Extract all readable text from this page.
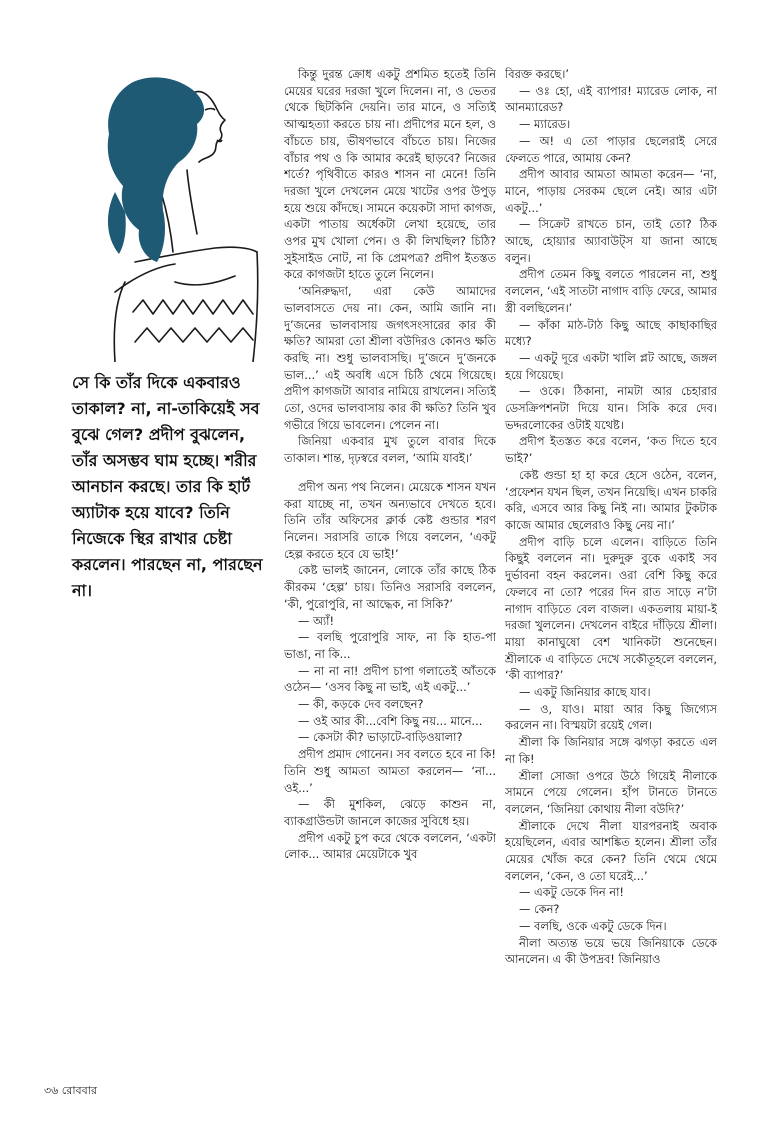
সে কি তাঁর দিকে একবারও তাকাল? না, না-তাকিয়েই সব বুঝে গেল? প্রদীপ বুঝলেন, তাঁর অসম্ভব ঘাম হচ্ছে। শরীর আনচান করছে। তার কি হার্ট অ্যাটাক হয়ে যাবে? তিনি নিজেকে স্থির রাখার চেষ্টা করলেন। পারছেন না, পারছেন না।

কিন্তু দুরন্ত ক্রোধ একটু প্রশমিত হতেই তিনি মেয়ের ঘরের দরজা খুলে দিলেন। না, ও ভেতর থেকে ছিটকিনি দেয়নি। তার মানে, ও সত্যিই আত্মহত্যা করতে চায় না। প্রদীপের মনে হল, ও বাঁচতে চায়, ভীষণভাবে বাঁচতে চায়। নিজের বাঁচার পথ ও কি আমার করেই ছাড়বে? নিজের শর্তে? পৃথিবীতে কারও শাসন না মেনে! তিনি দরজা খুলে দেখলেন মেয়ে খাটের ওপর উপুড় হয়ে শুয়ে কাঁদছে। সামনে কয়েকটা সাদা কাগজ, একটা পাতায় অর্ধেকটা লেখা হয়েছে, তার ওপর মুখ খোলা পেন। ও কী লিখছিল? চিঠি? সুইসাইড নোট, না কি প্রেমপত্র? প্রদীপ ইতস্তত করে কাগজটা হাতে তুলে নিলেন।

‘অনিরুদ্ধদা, এরা কেউ আমাদের ভালবাসতে দেয় না। কেন, আমি জানি না। দু’জনের ভালবাসায় জগৎসংসারের কার কী ক্ষতি? আমরা তো শ্রীলা বউদিরও কোনও ক্ষতি করছি না। শুধু ভালবাসছি। দু’জনে দু’জনকে ভাল...’ এই অবধি এসে চিঠি থেমে গিয়েছে। প্রদীপ কাগজটা আবার নামিয়ে রাখলেন। সত্যিই তো, ওদের ভালবাসায় কার কী ক্ষতি? তিনি খুব গভীরে গিয়ে ভাবলেন। পেলেন না।

জিনিয়া একবার মুখ তুলে বাবার দিকে তাকাল। শান্ত, দৃঢ়স্বরে বলল, ‘আমি যাবই।’

প্রদীপ অন্য পথ নিলেন। মেয়েকে শাসন যখন করা যাচ্ছে না, তখন অন্যভাবে দেখতে হবে। তিনি তাঁর অফিসের ক্লার্ক কেষ্ট গুন্ডার শরণ নিলেন। সরাসরি তাকে গিয়ে বললেন, ‘একটু হেল্প করতে হবে যে ভাই!’

কেষ্ট ভালই জানেন, লোকে তাঁর কাছে ঠিক কীরকম ‘হেল্প’ চায়। তিনিও সরাসরি বললেন, ‘কী, পুরোপুরি, না আদ্ধেক, না সিকি?’

— অ্যাঁ!

— বলছি পুরোপুরি সাফ, না কি হাত-পা ভাঙা, না কি...

— না না না! প্রদীপ চাপা গলাতেই আঁতকে ওঠেন— ‘ওসব কিছু না ভাই, এই একটু...’

— কী, কড়কে দেব বলছেন?

— ওই আর কী...বেশি কিছু নয়... মানে...

— কেসটা কী? ভাড়াটে-বাড়িওয়ালা?

প্রদীপ প্রমাদ গোনেন। সব বলতে হবে না কি! তিনি শুধু আমতা আমতা করলেন— ‘না... ওই...’

— কী মুশকিল, ঝেড়ে কাশুন না, ব্যাকগ্রাউন্ডটা জানলে কাজের সুবিধে হয়।

প্রদীপ একটু চুপ করে থেকে বললেন, ‘একটা লোক... আমার মেয়েটাকে খুব

বিরক্ত করছে।’

— ওঃ হো, এই ব্যাপার! ম্যারেড লোক, না আনম্যারেড?

— ম্যারেড।

— অ! এ তো পাড়ার ছেলেরাই সেরে ফেলতে পারে, আমায় কেন?

প্রদীপ আবার আমতা আমতা করেন— ‘না, মানে, পাড়ায় সেরকম ছেলে নেই। আর এটা একটু...’

— সিক্রেট রাখতে চান, তাই তো? ঠিক আছে, হোয়্যার অ্যাবাউট্স যা জানা আছে বলুন।

প্রদীপ তেমন কিছু বলতে পারলেন না, শুধু বললেন, ‘এই সাতটা নাগাদ বাড়ি ফেরে, আমার স্ত্রী বলছিলেন।’

— কাঁকা মাঠ-টাঠ কিছু আছে কাছাকাছির মধ্যে?

— একটু দূরে একটা খালি প্লট আছে, জঙ্গল হয়ে গিয়েছে।

— ওকে। ঠিকানা, নামটা আর চেহারার ডেসক্রিপশনটা দিয়ে যান। সিকি করে দেব। ভদ্দরলোকের ওটাই যথেষ্ট।

প্রদীপ ইতস্তত করে বলেন, ‘কত দিতে হবে ভাই?’

কেষ্ট গুন্ডা হা হা করে হেসে ওঠেন, বলেন, ‘প্রফেশন যখন ছিল, তখন নিয়েছি। এখন চাকরি করি, এসবে আর কিছু নিই না। আমার টুকটাক কাজে আমার ছেলেরাও কিছু নেয় না।’

প্রদীপ বাড়ি চলে এলেন। বাড়িতে তিনি কিছুই বললেন না। দুরুদুরু বুকে একাই সব দুর্ভাবনা বহন করলেন। ওরা বেশি কিছু করে ফেলবে না তো? পরের দিন রাত সাড়ে ন’টা নাগাদ বাড়িতে বেল বাজল। একতলায় মায়া-ই দরজা খুললেন। দেখলেন বাইরে দাঁড়িয়ে শ্রীলা। মায়া কানাঘুষো বেশ খানিকটা শুনেছেন। শ্রীলাকে এ বাড়িতে দেখে সকৌতূহলে বললেন, ‘কী ব্যাপার?’

— একটু জিনিয়ার কাছে যাব।

— ও, যাও। মায়া আর কিছু জিগ্যেস করলেন না। বিস্ময়টা রয়েই গেল।

শ্রীলা কি জিনিয়ার সঙ্গে ঝগড়া করতে এল না কি!

শ্রীলা সোজা ওপরে উঠে গিয়েই নীলাকে সামনে পেয়ে গেলেন। হাঁপ টানতে টানতে বললেন, ‘জিনিয়া কোথায় নীলা বউদি?’

শ্রীলাকে দেখে নীলা যারপরনাই অবাক হয়েছিলেন, এবার আশঙ্কিত হলেন। শ্রীলা তাঁর মেয়ের খোঁজ করে কেন? তিনি থেমে থেমে বললেন, ‘কেন, ও তো ঘরেই...’

— একটু ডেকে দিন না!

— কেন?

— বলছি, ওকে একটু ডেকে দিন।

নীলা অত্যন্ত ভয়ে ভয়ে জিনিয়াকে ডেকে আনলেন। এ কী উপদ্রব! জিনিয়াও

৩৬ রোববার
